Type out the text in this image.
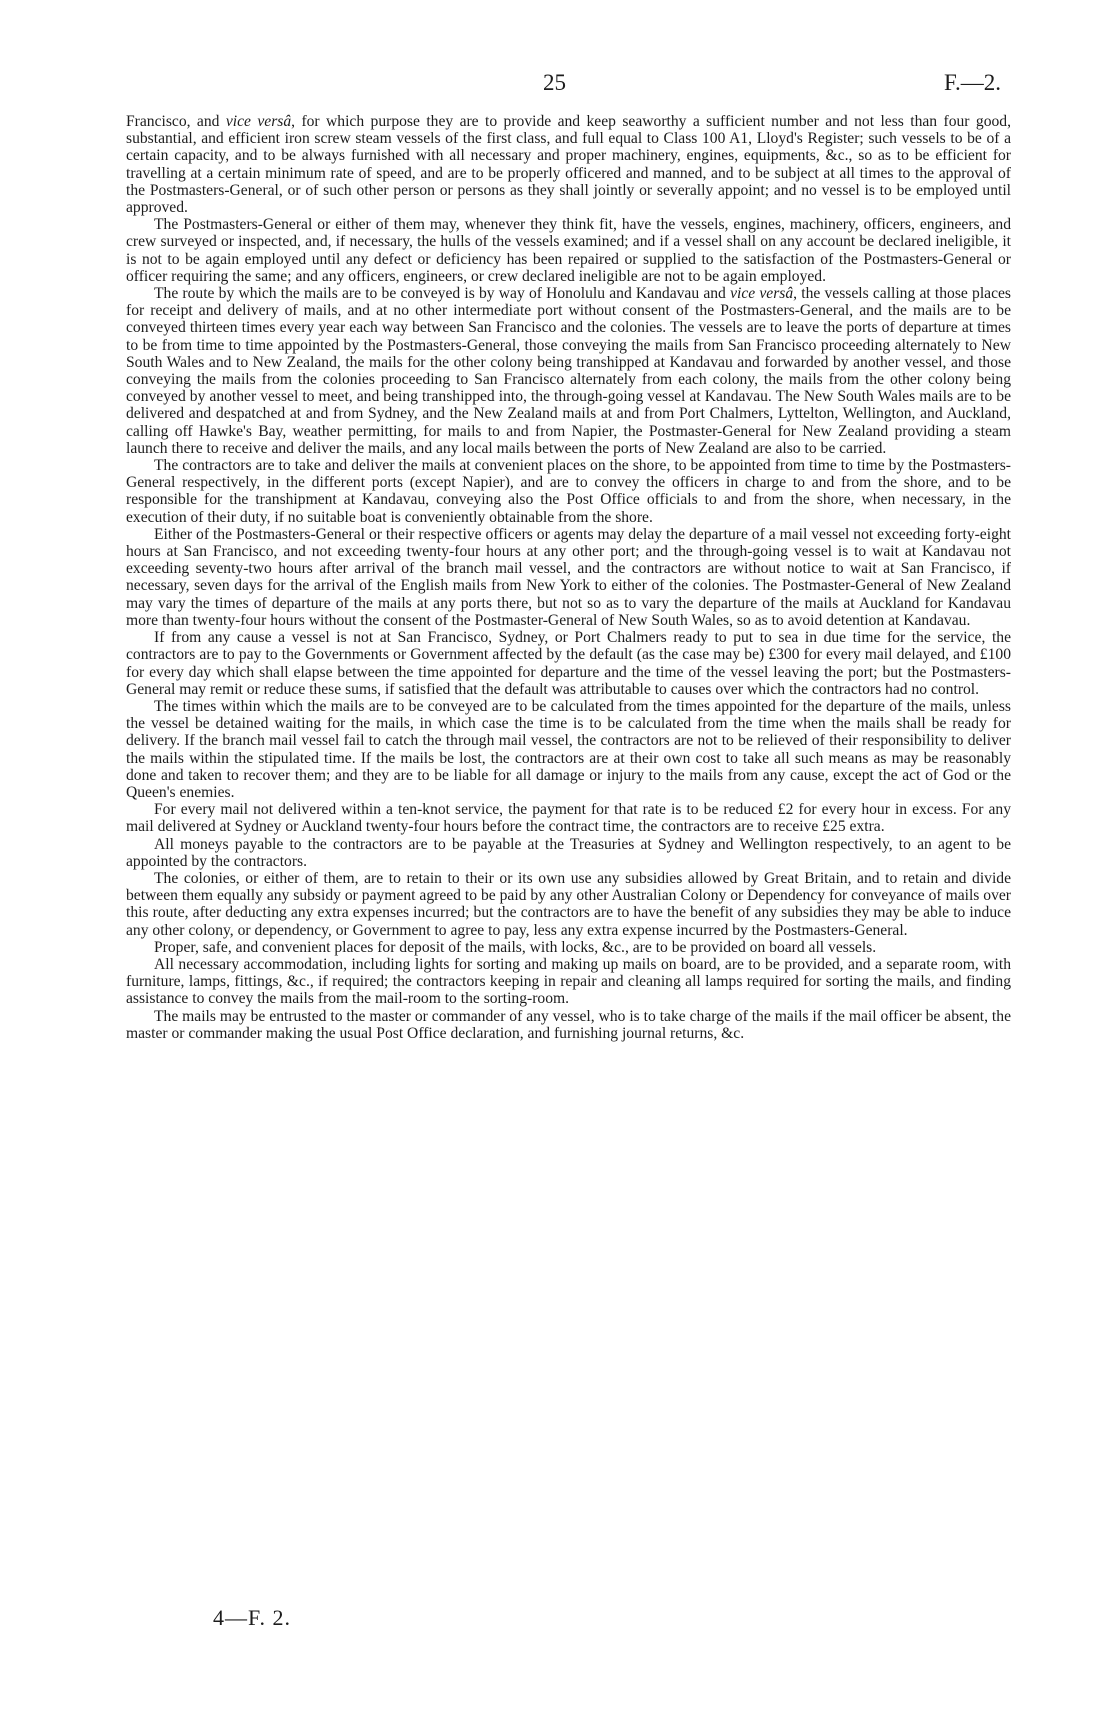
25	F.—2.

Francisco, and vice versâ, for which purpose they are to provide and keep seaworthy a sufficient number and not less than four good, substantial, and efficient iron screw steam vessels of the first class, and full equal to Class 100 A1, Lloyd's Register; such vessels to be of a certain capacity, and to be always furnished with all necessary and proper machinery, engines, equipments, &c., so as to be efficient for travelling at a certain minimum rate of speed, and are to be properly officered and manned, and to be subject at all times to the approval of the Postmasters-General, or of such other person or persons as they shall jointly or severally appoint; and no vessel is to be employed until approved.

The Postmasters-General or either of them may, whenever they think fit, have the vessels, engines, machinery, officers, engineers, and crew surveyed or inspected, and, if necessary, the hulls of the vessels examined; and if a vessel shall on any account be declared ineligible, it is not to be again employed until any defect or deficiency has been repaired or supplied to the satisfaction of the Postmasters-General or officer requiring the same; and any officers, engineers, or crew declared ineligible are not to be again employed.

The route by which the mails are to be conveyed is by way of Honolulu and Kandavau and vice versâ, the vessels calling at those places for receipt and delivery of mails, and at no other intermediate port without consent of the Postmasters-General, and the mails are to be conveyed thirteen times every year each way between San Francisco and the colonies. The vessels are to leave the ports of departure at times to be from time to time appointed by the Postmasters-General, those conveying the mails from San Francisco proceeding alternately to New South Wales and to New Zealand, the mails for the other colony being transhipped at Kandavau and forwarded by another vessel, and those conveying the mails from the colonies proceeding to San Francisco alternately from each colony, the mails from the other colony being conveyed by another vessel to meet, and being transhipped into, the through-going vessel at Kandavau. The New South Wales mails are to be delivered and despatched at and from Sydney, and the New Zealand mails at and from Port Chalmers, Lyttelton, Wellington, and Auckland, calling off Hawke's Bay, weather permitting, for mails to and from Napier, the Postmaster-General for New Zealand providing a steam launch there to receive and deliver the mails, and any local mails between the ports of New Zealand are also to be carried.

The contractors are to take and deliver the mails at convenient places on the shore, to be appointed from time to time by the Postmasters-General respectively, in the different ports (except Napier), and are to convey the officers in charge to and from the shore, and to be responsible for the transhipment at Kandavau, conveying also the Post Office officials to and from the shore, when necessary, in the execution of their duty, if no suitable boat is conveniently obtainable from the shore.

Either of the Postmasters-General or their respective officers or agents may delay the departure of a mail vessel not exceeding forty-eight hours at San Francisco, and not exceeding twenty-four hours at any other port; and the through-going vessel is to wait at Kandavau not exceeding seventy-two hours after arrival of the branch mail vessel, and the contractors are without notice to wait at San Francisco, if necessary, seven days for the arrival of the English mails from New York to either of the colonies. The Postmaster-General of New Zealand may vary the times of departure of the mails at any ports there, but not so as to vary the departure of the mails at Auckland for Kandavau more than twenty-four hours without the consent of the Postmaster-General of New South Wales, so as to avoid detention at Kandavau.

If from any cause a vessel is not at San Francisco, Sydney, or Port Chalmers ready to put to sea in due time for the service, the contractors are to pay to the Governments or Government affected by the default (as the case may be) £300 for every mail delayed, and £100 for every day which shall elapse between the time appointed for departure and the time of the vessel leaving the port; but the Postmasters-General may remit or reduce these sums, if satisfied that the default was attributable to causes over which the contractors had no control.

The times within which the mails are to be conveyed are to be calculated from the times appointed for the departure of the mails, unless the vessel be detained waiting for the mails, in which case the time is to be calculated from the time when the mails shall be ready for delivery. If the branch mail vessel fail to catch the through mail vessel, the contractors are not to be relieved of their responsibility to deliver the mails within the stipulated time. If the mails be lost, the contractors are at their own cost to take all such means as may be reasonably done and taken to recover them; and they are to be liable for all damage or injury to the mails from any cause, except the act of God or the Queen's enemies.

For every mail not delivered within a ten-knot service, the payment for that rate is to be reduced £2 for every hour in excess. For any mail delivered at Sydney or Auckland twenty-four hours before the contract time, the contractors are to receive £25 extra.

All moneys payable to the contractors are to be payable at the Treasuries at Sydney and Wellington respectively, to an agent to be appointed by the contractors.

The colonies, or either of them, are to retain to their or its own use any subsidies allowed by Great Britain, and to retain and divide between them equally any subsidy or payment agreed to be paid by any other Australian Colony or Dependency for conveyance of mails over this route, after deducting any extra expenses incurred; but the contractors are to have the benefit of any subsidies they may be able to induce any other colony, or dependency, or Government to agree to pay, less any extra expense incurred by the Postmasters-General.

Proper, safe, and convenient places for deposit of the mails, with locks, &c., are to be provided on board all vessels.

All necessary accommodation, including lights for sorting and making up mails on board, are to be provided, and a separate room, with furniture, lamps, fittings, &c., if required; the contractors keeping in repair and cleaning all lamps required for sorting the mails, and finding assistance to convey the mails from the mail-room to the sorting-room.

The mails may be entrusted to the master or commander of any vessel, who is to take charge of the mails if the mail officer be absent, the master or commander making the usual Post Office declaration, and furnishing journal returns, &c.

4—F. 2.
